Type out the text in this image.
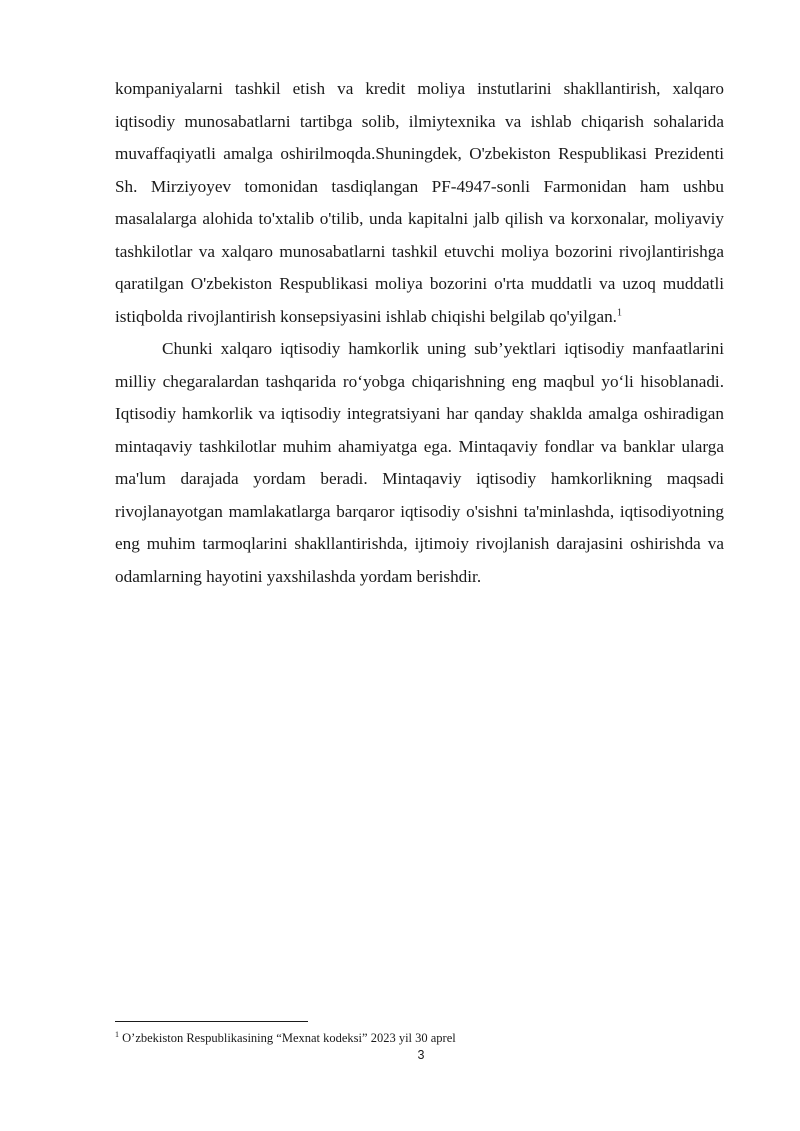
kompaniyalarni tashkil etish va kredit moliya instutlarini shakllantirish, xalqaro iqtisodiy munosabatlarni tartibga solib, ilmiytexnika va ishlab chiqarish sohalarida muvaffaqiyatli amalga oshirilmoqda.Shuningdek, O'zbekiston Respublikasi Prezidenti Sh. Mirziyoyev tomonidan tasdiqlangan PF-4947-sonli Farmonidan ham ushbu masalalarga alohida to'xtalib o'tilib, unda kapitalni jalb qilish va korxonalar, moliyaviy tashkilotlar va xalqaro munosabatlarni tashkil etuvchi moliya bozorini rivojlantirishga qaratilgan O'zbekiston Respublikasi moliya bozorini o'rta muddatli va uzoq muddatli istiqbolda rivojlantirish konsepsiyasini ishlab chiqishi belgilab qo'yilgan.$^1$

Chunki xalqaro iqtisodiy hamkorlik uning sub’yektlari iqtisodiy manfaatlarini milliy chegaralardan tashqarida ro‘yobga chiqarishning eng maqbul yo‘li hisoblanadi. Iqtisodiy hamkorlik va iqtisodiy integratsiyani har qanday shaklda amalga oshiradigan mintaqaviy tashkilotlar muhim ahamiyatga ega. Mintaqaviy fondlar va banklar ularga ma'lum darajada yordam beradi. Mintaqaviy iqtisodiy hamkorlikning maqsadi rivojlanayotgan mamlakatlarga barqaror iqtisodiy o'sishni ta'minlashda, iqtisodiyotning eng muhim tarmoqlarini shakllantirishda, ijtimoiy rivojlanish darajasini oshirishda va odamlarning hayotini yaxshilashda yordam berishdir.

$^1$ O’zbekiston Respublikasining “Mexnat kodeksi” 2023 yil 30 aprel
3
